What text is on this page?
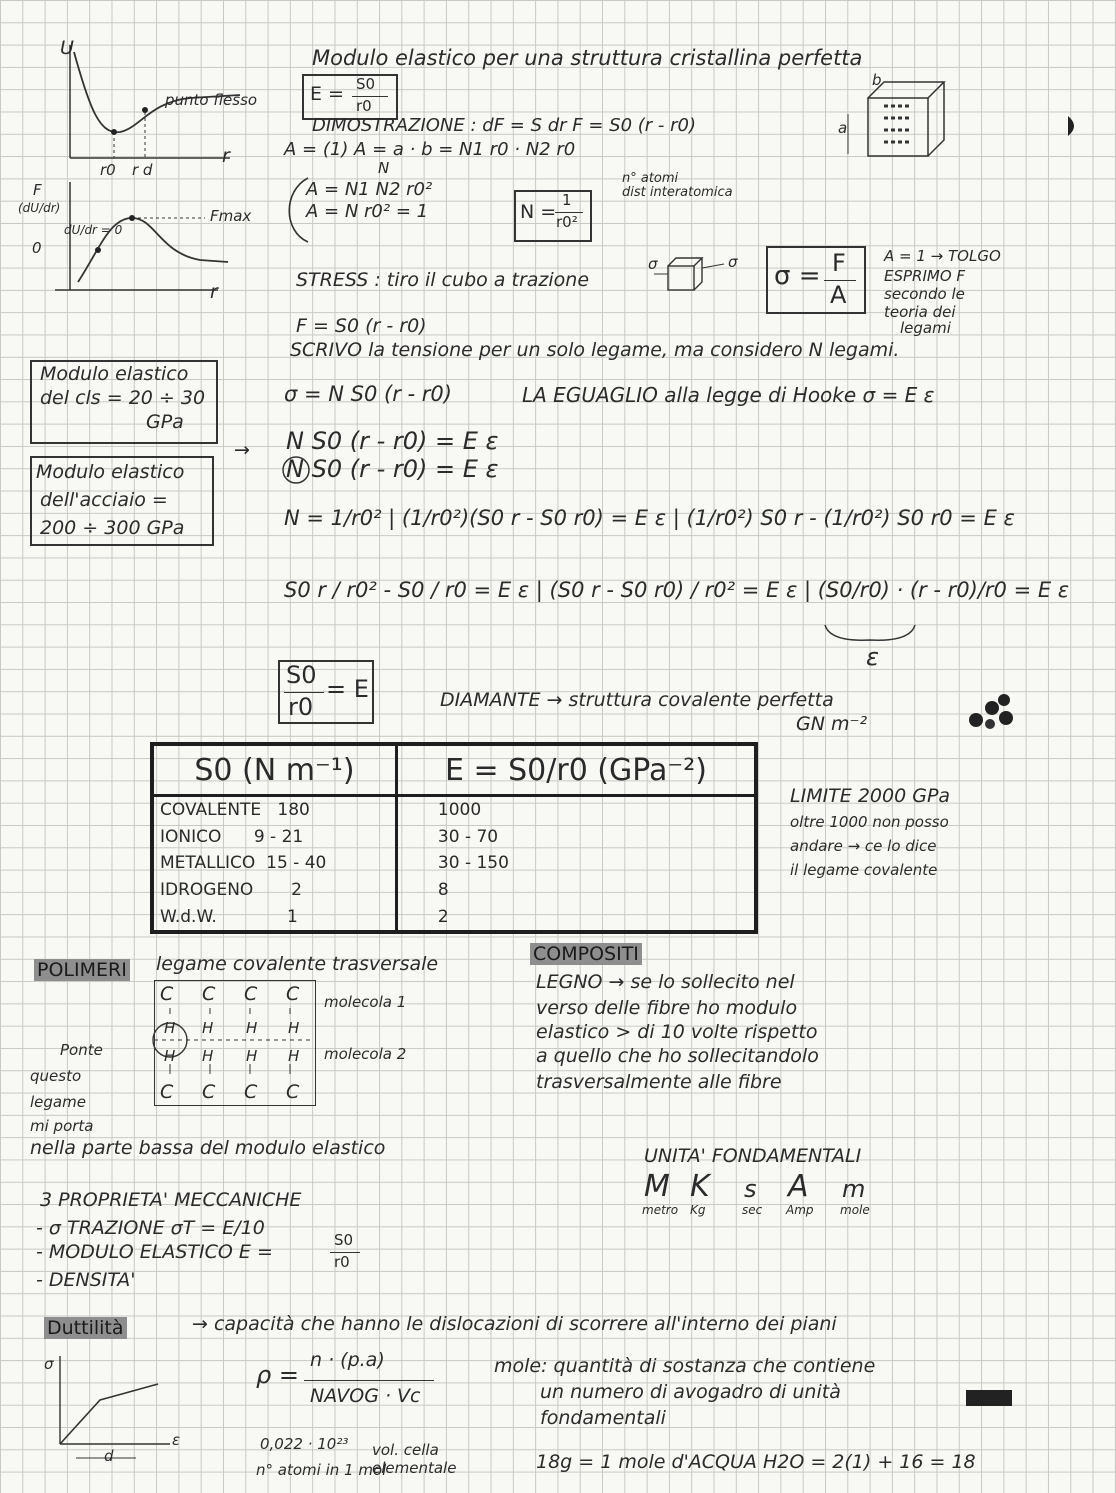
U
r
r0 r d
punto flesso
F
(dU/dr)
0
dU/dr = 0
Fmax
r
Modulo elastico per una struttura cristallina perfetta
E = S0
r0
DIMOSTRAZIONE : dF = S dr F = S0 (r - r0)
A = (1) A = a · b = N1 r0 · N2 r0
N
A = N1 N2 r0²
A = N r0² = 1
n° atomi
dist interatomica
N =
1
r0²
a
b
STRESS : tiro il cubo a trazione
σ	σ σ = F
A
A = 1 → TOLGO
ESPRIMO F
secondo le
teoria dei
legami
F = S0 (r - r0)
SCRIVO la tensione per un solo legame, ma considero N legami.
σ = N S0 (r - r0)	LA EGUAGLIO alla legge di Hooke σ = E ε
Modulo elastico
del cls = 20 ÷ 30
GPa
Modulo elastico
dell'acciaio =
200 ÷ 300 GPa
→ N S0 (r - r0) = E ε
N S0 (r - r0) = E ε
N = 1/r0² | (1/r0²)(S0 r - S0 r0) = E ε | (1/r0²) S0 r - (1/r0²) S0 r0 = E ε
S0 r / r0² - S0 / r0 = E ε | (S0 r - S0 r0) / r0² = E ε | (S0/r0) · (r - r0)/r0 = E ε
ε
S0
r0
= E	DIAMANTE → struttura covalente perfetta
GN m⁻²
S0 (N m⁻¹)	E = S0/r0 (GPa⁻²)
COVALENTE 180	1000
IONICO 9 - 21	30 - 70
METALLICO 15 - 40	30 - 150
IDROGENO 2	8
W.d.W. 1	2
LIMITE 2000 GPa
oltre 1000 non posso
andare → ce lo dice
il legame covalente
POLIMERI legame covalente trasversale
C C C C
H H H H
H H H H
C C C C
molecola 1
molecola 2
Ponte
questo
legame
mi porta
nella parte bassa del modulo elastico
COMPOSITI
LEGNO → se lo sollecito nel
verso delle fibre ho modulo
elastico > di 10 volte rispetto
a quello che ho sollecitandolo
trasversalmente alle fibre
UNITA' FONDAMENTALI
M K s A m
metro Kg	sec Amp mole
3 PROPRIETA' MECCANICHE
- σ TRAZIONE σT = E/10
- MODULO ELASTICO E =
S0
r0
- DENSITA'
Duttilità	→ capacità che hanno le dislocazioni di scorrere all'interno dei piani
σ
ε
d
ρ =
n · (p.a)
NAVOG · Vc
0,022 · 10²³ vol. cella
n° atomi in 1 mol
elementale
mole: quantità di sostanza che contiene
un numero di avogadro di unità
fondamentali
18g = 1 mole d'ACQUA H2O = 2(1) + 16 = 18
